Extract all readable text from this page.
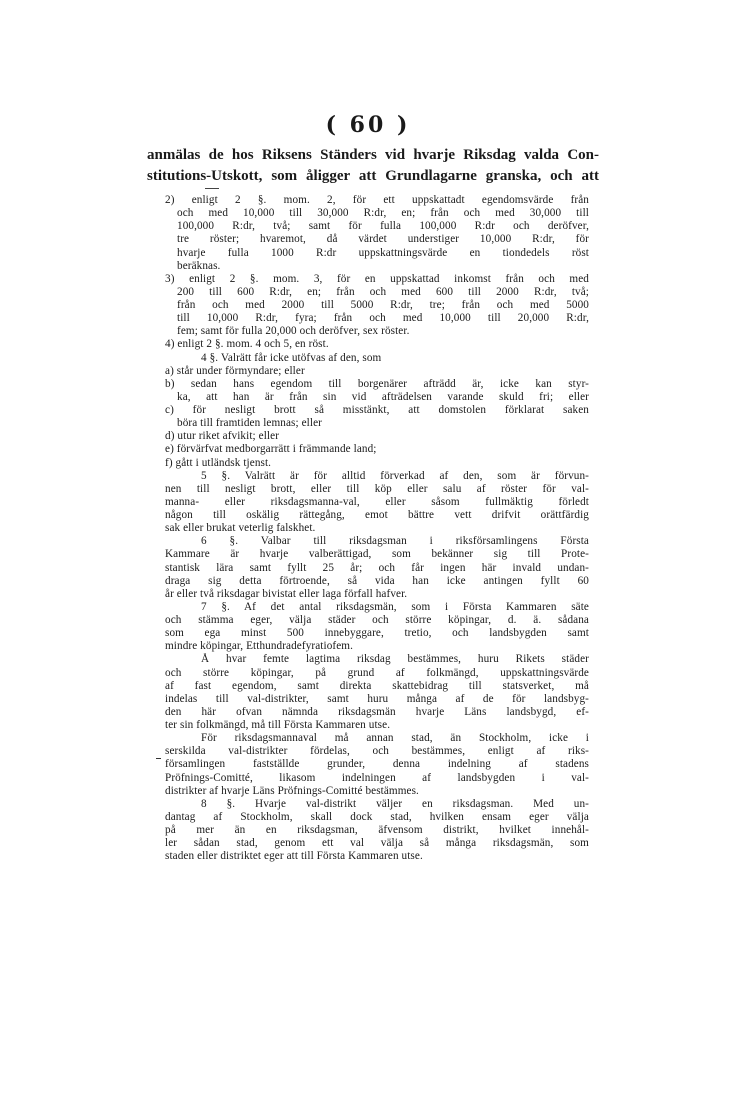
( 60 )
anmälas de hos Riksens Ständers vid hvarje Riksdag valda Con-
stitutions-Utskott, som åligger att Grundlagarne granska, och att
2) enligt 2 §. mom. 2, för ett uppskattadt egendomsvärde från
och med 10,000 till 30,000 R:dr, en; från och med 30,000 till
100,000 R:dr, två; samt för fulla 100,000 R:dr och deröfver,
tre röster; hvaremot, då värdet understiger 10,000 R:dr, för
hvarje fulla 1000 R:dr uppskattningsvärde en tiondedels röst
beräknas.
3) enligt 2 §. mom. 3, för en uppskattad inkomst från och med
200 till 600 R:dr, en; från och med 600 till 2000 R:dr, två;
från och med 2000 till 5000 R:dr, tre; från och med 5000
till 10,000 R:dr, fyra; från och med 10,000 till 20,000 R:dr,
fem; samt för fulla 20,000 och deröfver, sex röster.
4) enligt 2 §. mom. 4 och 5, en röst.
4 §. Valrätt får icke utöfvas af den, som
a) står under förmyndare; eller
b) sedan hans egendom till borgenärer afträdd är, icke kan styr-
ka, att han är från sin vid afträdelsen varande skuld fri; eller
c) för nesligt brott så misstänkt, att domstolen förklarat saken
böra till framtiden lemnas; eller
d) utur riket afvikit; eller
e) förvärfvat medborgarrätt i främmande land;
f) gått i utländsk tjenst.
5 §. Valrätt är för alltid förverkad af den, som är förvun-
nen till nesligt brott, eller till köp eller salu af röster för val-
manna- eller riksdagsmanna-val, eller såsom fullmäktig förledt
någon till oskälig rättegång, emot bättre vett drifvit orättfärdig
sak eller brukat veterlig falskhet.
6 §. Valbar till riksdagsman i riksförsamlingens Första
Kammare är hvarje valberättigad, som bekänner sig till Prote-
stantisk lära samt fyllt 25 år; och får ingen här invald undan-
draga sig detta förtroende, så vida han icke antingen fyllt 60
år eller två riksdagar bivistat eller laga förfall hafver.
7 §. Af det antal riksdagsmän, som i Första Kammaren säte
och stämma eger, välja städer och större köpingar, d. ä. sådana
som ega minst 500 innebyggare, tretio, och landsbygden samt
mindre köpingar, Etthundradefyratiofem.
Å hvar femte lagtima riksdag bestämmes, huru Rikets städer
och större köpingar, på grund af folkmängd, uppskattningsvärde
af fast egendom, samt direkta skattebidrag till statsverket, må
indelas till val-distrikter, samt huru många af de för landsbyg-
den här ofvan nämnda riksdagsmän hvarje Läns landsbygd, ef-
ter sin folkmängd, må till Första Kammaren utse.
För riksdagsmannaval må annan stad, än Stockholm, icke i
serskilda val-distrikter fördelas, och bestämmes, enligt af riks-
församlingen fastställde grunder, denna indelning af stadens
Pröfnings-Comitté, likasom indelningen af landsbygden i val-
distrikter af hvarje Läns Pröfnings-Comitté bestämmes.
8 §. Hvarje val-distrikt väljer en riksdagsman. Med un-
dantag af Stockholm, skall dock stad, hvilken ensam eger välja
på mer än en riksdagsman, äfvensom distrikt, hvilket innehål-
ler sådan stad, genom ett val välja så många riksdagsmän, som
staden eller distriktet eger att till Första Kammaren utse.
